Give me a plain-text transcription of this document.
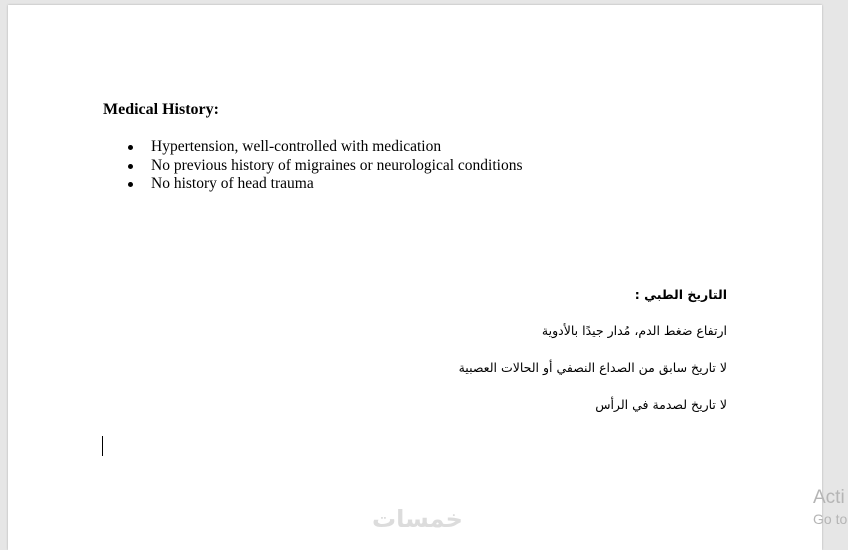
Medical History:
Hypertension, well-controlled with medication
No previous history of migraines or neurological conditions
No history of head trauma
التاريخ الطبي :
ارتفاع ضغط الدم، مُدار جيدًا بالأدوية
لا تاريخ سابق من الصداع النصفي أو الحالات العصبية
لا تاريخ لصدمة في الرأس
خمسات
Acti
Go to
